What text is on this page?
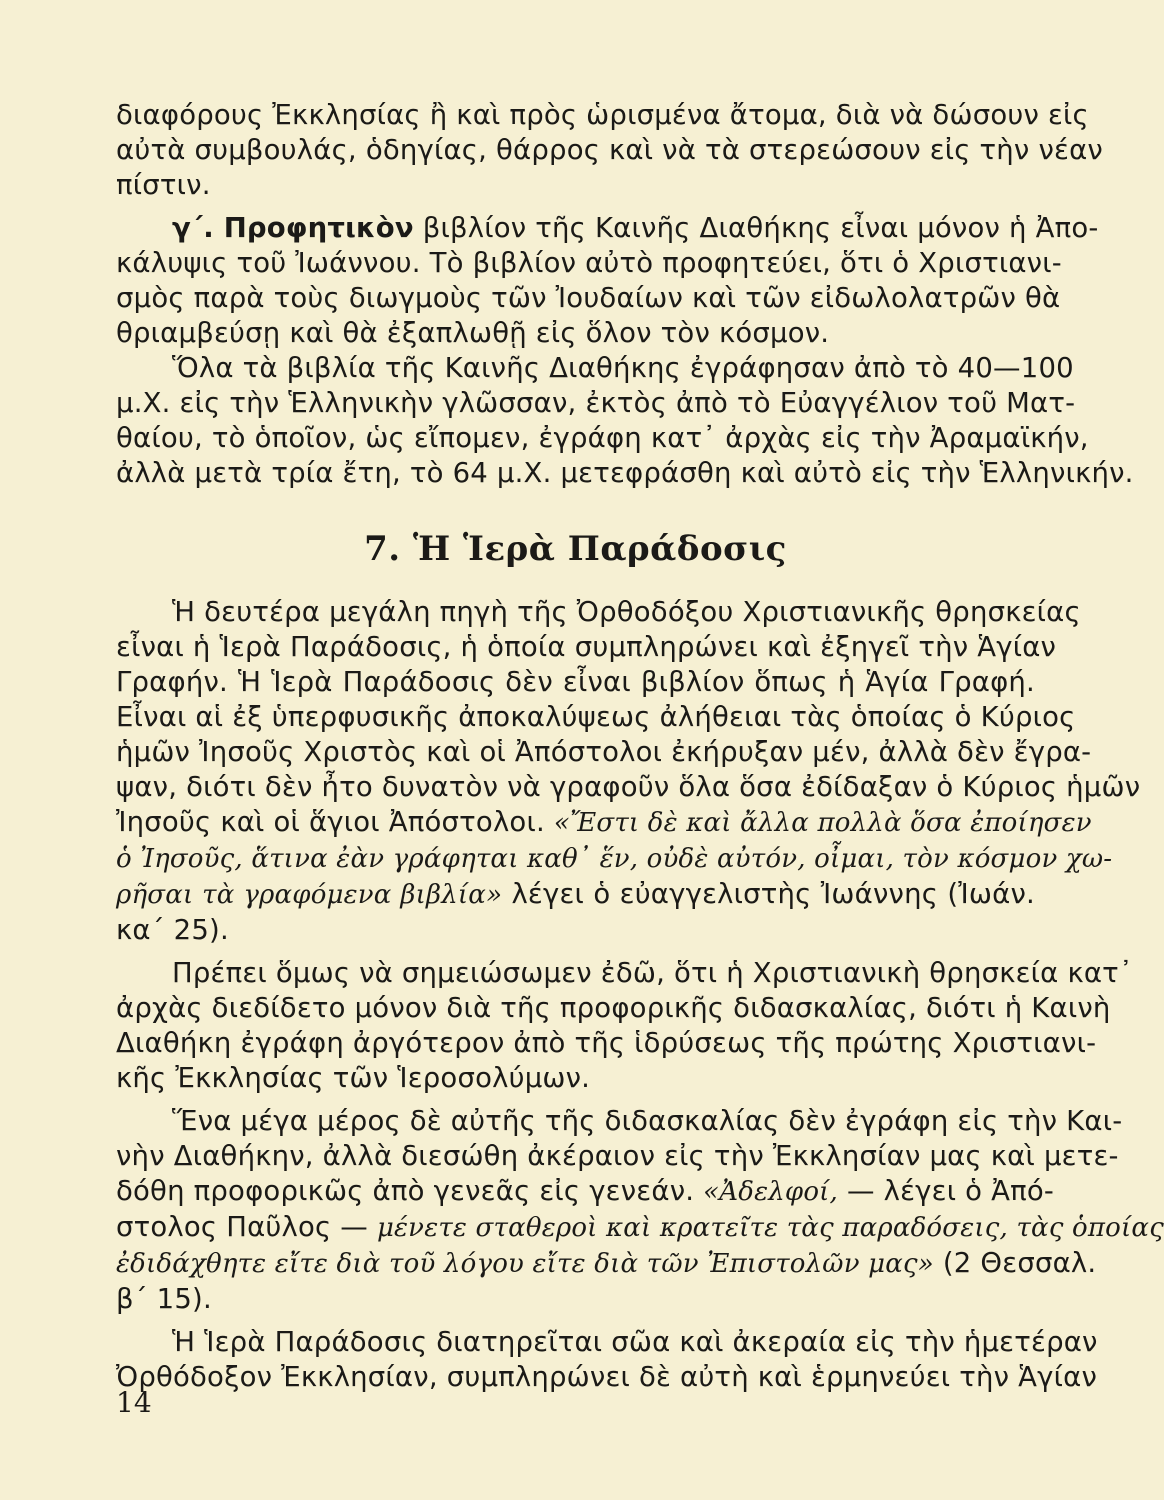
διαφόρους Ἐκκλησίας ἢ καὶ πρὸς ὡρισμένα ἄτομα, διὰ νὰ δώσουν εἰς
αὐτὰ συμβουλάς, ὁδηγίας, θάρρος καὶ νὰ τὰ στερεώσουν εἰς τὴν νέαν
πίστιν.
γ΄. Προφητικὸν βιβλίον τῆς Καινῆς Διαθήκης εἶναι μόνον ἡ Ἀπο-
κάλυψις τοῦ Ἰωάννου. Τὸ βιβλίον αὐτὸ προφητεύει, ὅτι ὁ Χριστιανι-
σμὸς παρὰ τοὺς διωγμοὺς τῶν Ἰουδαίων καὶ τῶν εἰδωλολατρῶν θὰ
θριαμβεύσῃ καὶ θὰ ἐξαπλωθῇ εἰς ὅλον τὸν κόσμον.
Ὅλα τὰ βιβλία τῆς Καινῆς Διαθήκης ἐγράφησαν ἀπὸ τὸ 40—100
μ.Χ. εἰς τὴν Ἑλληνικὴν γλῶσσαν, ἐκτὸς ἀπὸ τὸ Εὐαγγέλιον τοῦ Ματ-
θαίου, τὸ ὁποῖον, ὡς εἴπομεν, ἐγράφη κατ᾽ ἀρχὰς εἰς τὴν Ἀραμαϊκήν,
ἀλλὰ μετὰ τρία ἔτη, τὸ 64 μ.Χ. μετεφράσθη καὶ αὐτὸ εἰς τὴν Ἑλληνικήν.
7. Ἡ Ἱερὰ Παράδοσις
Ἡ δευτέρα μεγάλη πηγὴ τῆς Ὀρθοδόξου Χριστιανικῆς θρησκείας
εἶναι ἡ Ἱερὰ Παράδοσις, ἡ ὁποία συμπληρώνει καὶ ἐξηγεῖ τὴν Ἁγίαν
Γραφήν. Ἡ Ἱερὰ Παράδοσις δὲν εἶναι βιβλίον ὅπως ἡ Ἁγία Γραφή.
Εἶναι αἱ ἐξ ὑπερφυσικῆς ἀποκαλύψεως ἀλήθειαι τὰς ὁποίας ὁ Κύριος
ἡμῶν Ἰησοῦς Χριστὸς καὶ οἱ Ἀπόστολοι ἐκήρυξαν μέν, ἀλλὰ δὲν ἔγρα-
ψαν, διότι δὲν ἦτο δυνατὸν νὰ γραφοῦν ὅλα ὅσα ἐδίδαξαν ὁ Κύριος ἡμῶν
Ἰησοῦς καὶ οἱ ἅγιοι Ἀπόστολοι. «Ἔστι δὲ καὶ ἄλλα πολλὰ ὅσα ἐποίησεν
ὁ Ἰησοῦς, ἅτινα ἐὰν γράφηται καθ᾽ ἕν, οὐδὲ αὐτόν, οἶμαι, τὸν κόσμον χω-
ρῆσαι τὰ γραφόμενα βιβλία» λέγει ὁ εὐαγγελιστὴς Ἰωάννης (Ἰωάν.
κα΄ 25).
Πρέπει ὅμως νὰ σημειώσωμεν ἐδῶ, ὅτι ἡ Χριστιανικὴ θρησκεία κατ᾽
ἀρχὰς διεδίδετο μόνον διὰ τῆς προφορικῆς διδασκαλίας, διότι ἡ Καινὴ
Διαθήκη ἐγράφη ἀργότερον ἀπὸ τῆς ἱδρύσεως τῆς πρώτης Χριστιανι-
κῆς Ἐκκλησίας τῶν Ἱεροσολύμων.
Ἕνα μέγα μέρος δὲ αὐτῆς τῆς διδασκαλίας δὲν ἐγράφη εἰς τὴν Και-
νὴν Διαθήκην, ἀλλὰ διεσώθη ἀκέραιον εἰς τὴν Ἐκκλησίαν μας καὶ μετε-
δόθη προφορικῶς ἀπὸ γενεᾶς εἰς γενεάν. «Ἀδελφοί, — λέγει ὁ Ἀπό-
στολος Παῦλος — μένετε σταθεροὶ καὶ κρατεῖτε τὰς παραδόσεις, τὰς ὁποίας
ἐδιδάχθητε εἴτε διὰ τοῦ λόγου εἴτε διὰ τῶν Ἐπιστολῶν μας» (2 Θεσσαλ.
β΄ 15).
Ἡ Ἱερὰ Παράδοσις διατηρεῖται σῶα καὶ ἀκεραία εἰς τὴν ἡμετέραν
Ὀρθόδοξον Ἐκκλησίαν, συμπληρώνει δὲ αὐτὴ καὶ ἑρμηνεύει τὴν Ἁγίαν
14
